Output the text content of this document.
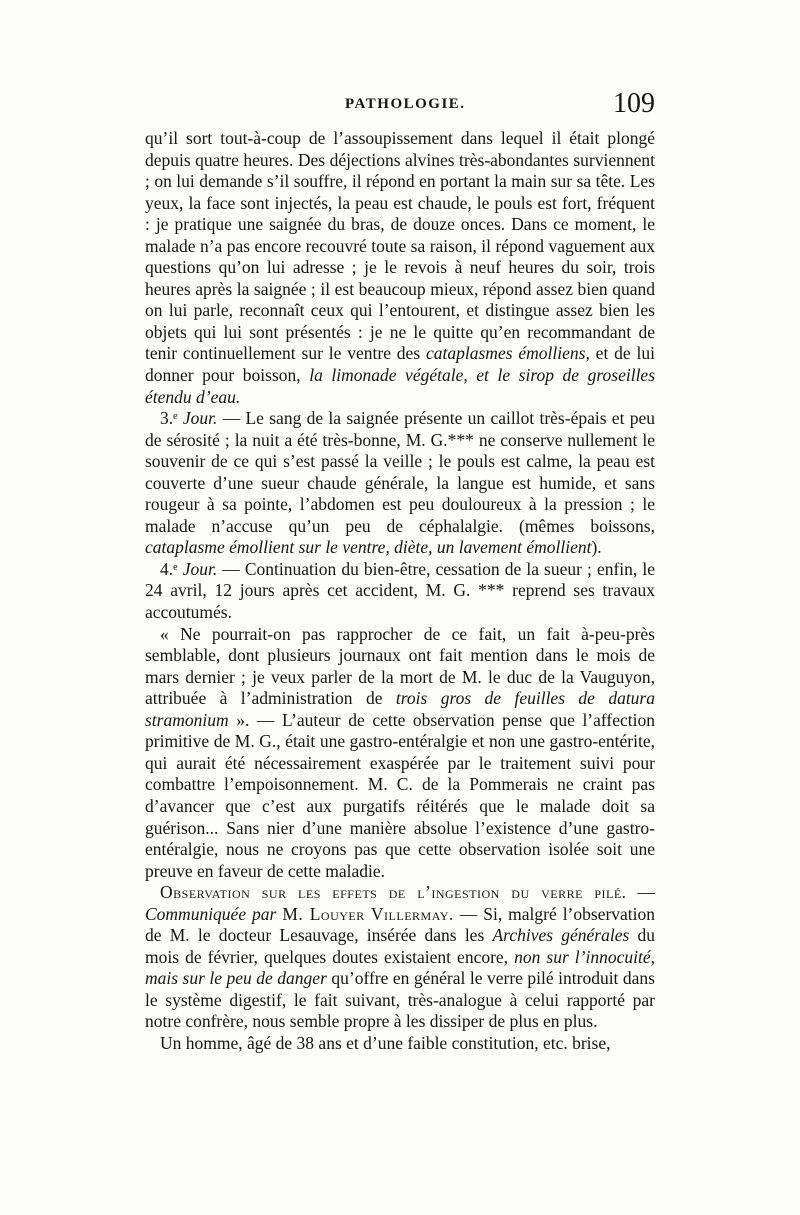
PATHOLOGIE.	109

qu’il sort tout-à-coup de l’assoupissement dans lequel il était plongé depuis quatre heures. Des déjections alvines très-abondantes surviennent ; on lui demande s’il souffre, il répond en portant la main sur sa tête. Les yeux, la face sont injectés, la peau est chaude, le pouls est fort, fréquent : je pratique une saignée du bras, de douze onces. Dans ce moment, le malade n’a pas encore recouvré toute sa raison, il répond vaguement aux questions qu’on lui adresse ; je le revois à neuf heures du soir, trois heures après la saignée ; il est beaucoup mieux, répond assez bien quand on lui parle, reconnaît ceux qui l’entourent, et distingue assez bien les objets qui lui sont présentés : je ne le quitte qu’en recommandant de tenir continuellement sur le ventre des cataplasmes émolliens, et de lui donner pour boisson, la limonade végétale, et le sirop de groseilles étendu d’eau.

3.ᵉ Jour. — Le sang de la saignée présente un caillot très-épais et peu de sérosité ; la nuit a été très-bonne, M. G.*** ne conserve nullement le souvenir de ce qui s’est passé la veille ; le pouls est calme, la peau est couverte d’une sueur chaude générale, la langue est humide, et sans rougeur à sa pointe, l’abdomen est peu douloureux à la pression ; le malade n’accuse qu’un peu de céphalalgie. (mêmes boissons, cataplasme émollient sur le ventre, diète, un lavement émollient).

4.ᵉ Jour. — Continuation du bien-être, cessation de la sueur ; enfin, le 24 avril, 12 jours après cet accident, M. G. *** reprend ses travaux accoutumés.

« Ne pourrait-on pas rapprocher de ce fait, un fait à-peu-près semblable, dont plusieurs journaux ont fait mention dans le mois de mars dernier ; je veux parler de la mort de M. le duc de la Vauguyon, attribuée à l’administration de trois gros de feuilles de datura stramonium ». — L’auteur de cette observation pense que l’affection primitive de M. G., était une gastro-entéralgie et non une gastro-entérite, qui aurait été nécessairement exaspérée par le traitement suivi pour combattre l’empoisonnement. M. C. de la Pommerais ne craint pas d’avancer que c’est aux purgatifs réitérés que le malade doit sa guérison... Sans nier d’une manière absolue l’existence d’une gastro-entéralgie, nous ne croyons pas que cette observation isolée soit une preuve en faveur de cette maladie.

Observation sur les effets de l’ingestion du verre pilé. — Communiquée par M. Louyer Villermay. — Si, malgré l’observation de M. le docteur Lesauvage, insérée dans les Archives générales du mois de février, quelques doutes existaient encore, non sur l’innocuité, mais sur le peu de danger qu’offre en général le verre pilé introduit dans le système digestif, le fait suivant, très-analogue à celui rapporté par notre confrère, nous semble propre à les dissiper de plus en plus.

Un homme, âgé de 38 ans et d’une faible constitution, etc. brise,
